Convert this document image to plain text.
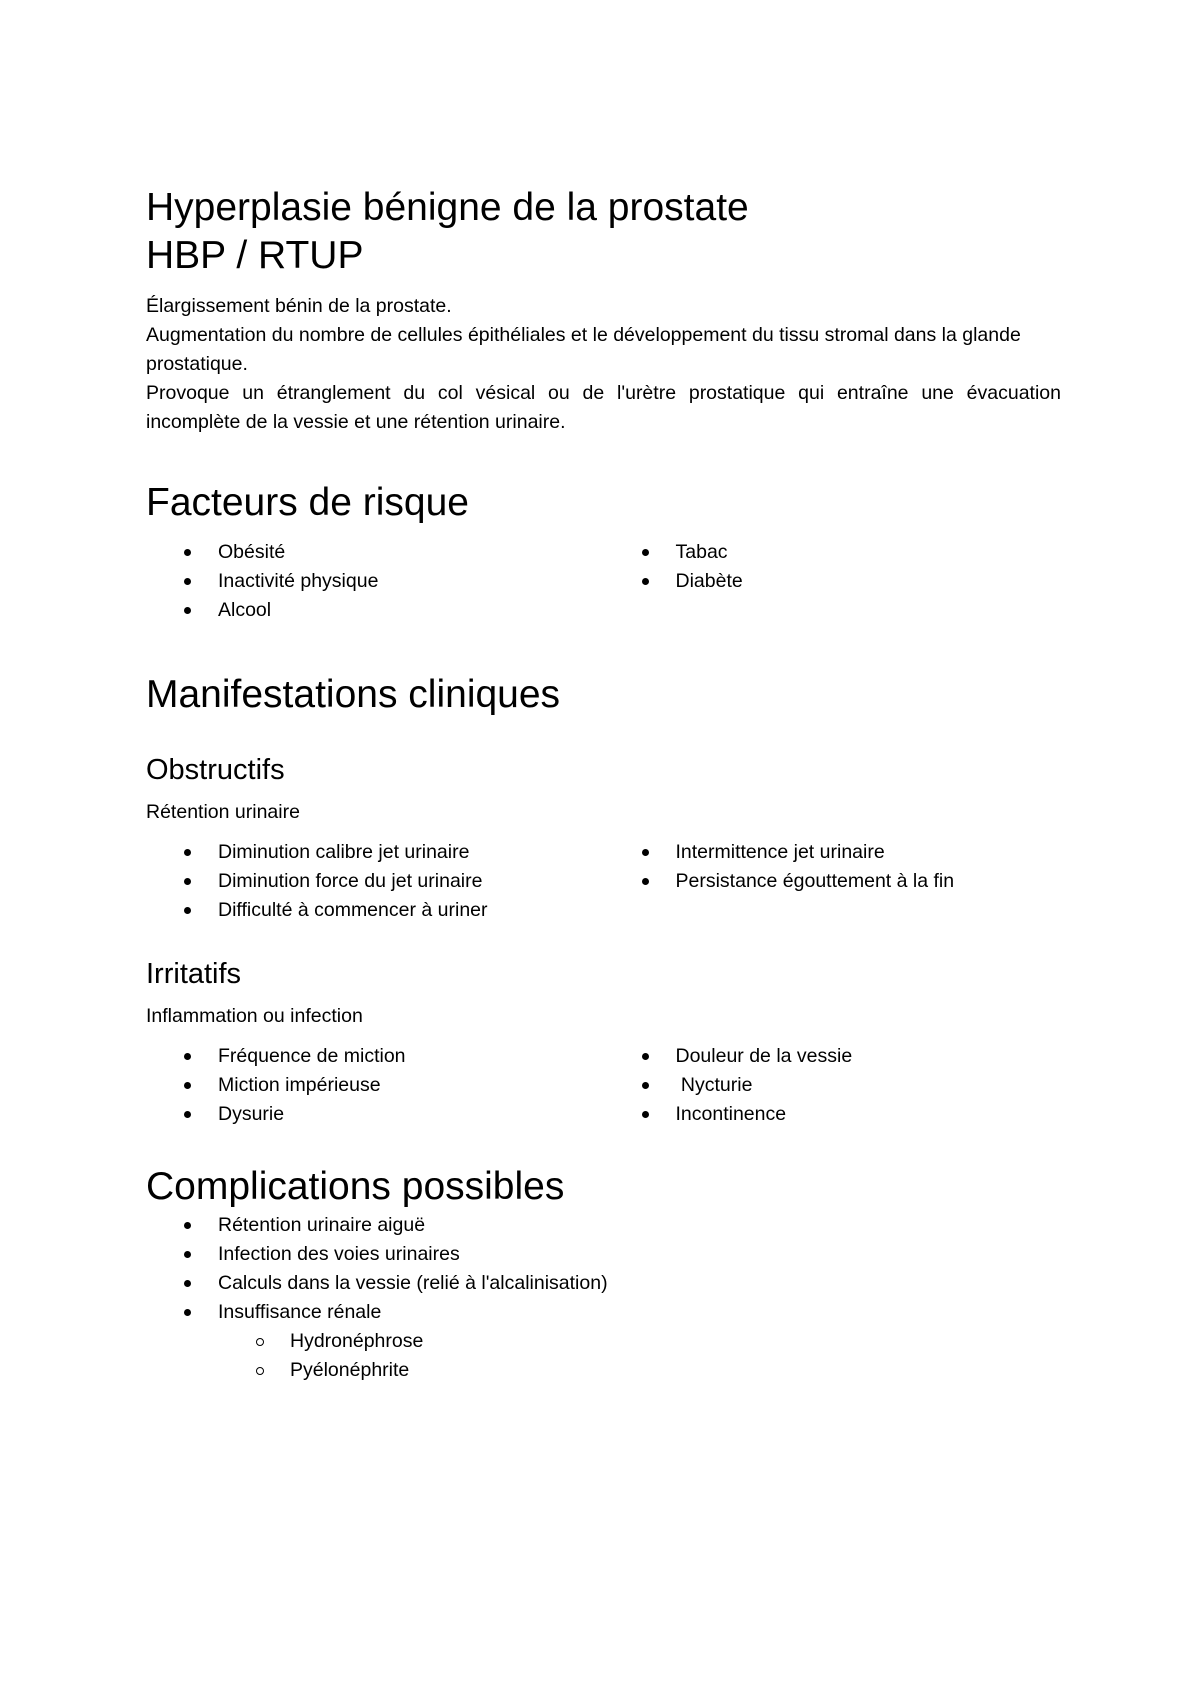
Hyperplasie bénigne de la prostate
HBP / RTUP

Élargissement bénin de la prostate.

Augmentation du nombre de cellules épithéliales et le développement du tissu stromal dans la glande prostatique.

Provoque un étranglement du col vésical ou de l'urètre prostatique qui entraîne une évacuation incomplète de la vessie et une rétention urinaire.

Facteurs de risque
Obésité
Inactivité physique
Alcool
Tabac
Diabète
Manifestations cliniques
Obstructifs
Rétention urinaire
Diminution calibre jet urinaire
Diminution force du jet urinaire
Difficulté à commencer à uriner
Intermittence jet urinaire
Persistance égouttement à la fin
Irritatifs
Inflammation ou infection
Fréquence de miction
Miction impérieuse
Dysurie
Douleur de la vessie
Nycturie
Incontinence
Complications possibles
Rétention urinaire aiguë
Infection des voies urinaires
Calculs dans la vessie (relié à l'alcalinisation)
Insuffisance rénale
Hydronéphrose
Pyélonéphrite
